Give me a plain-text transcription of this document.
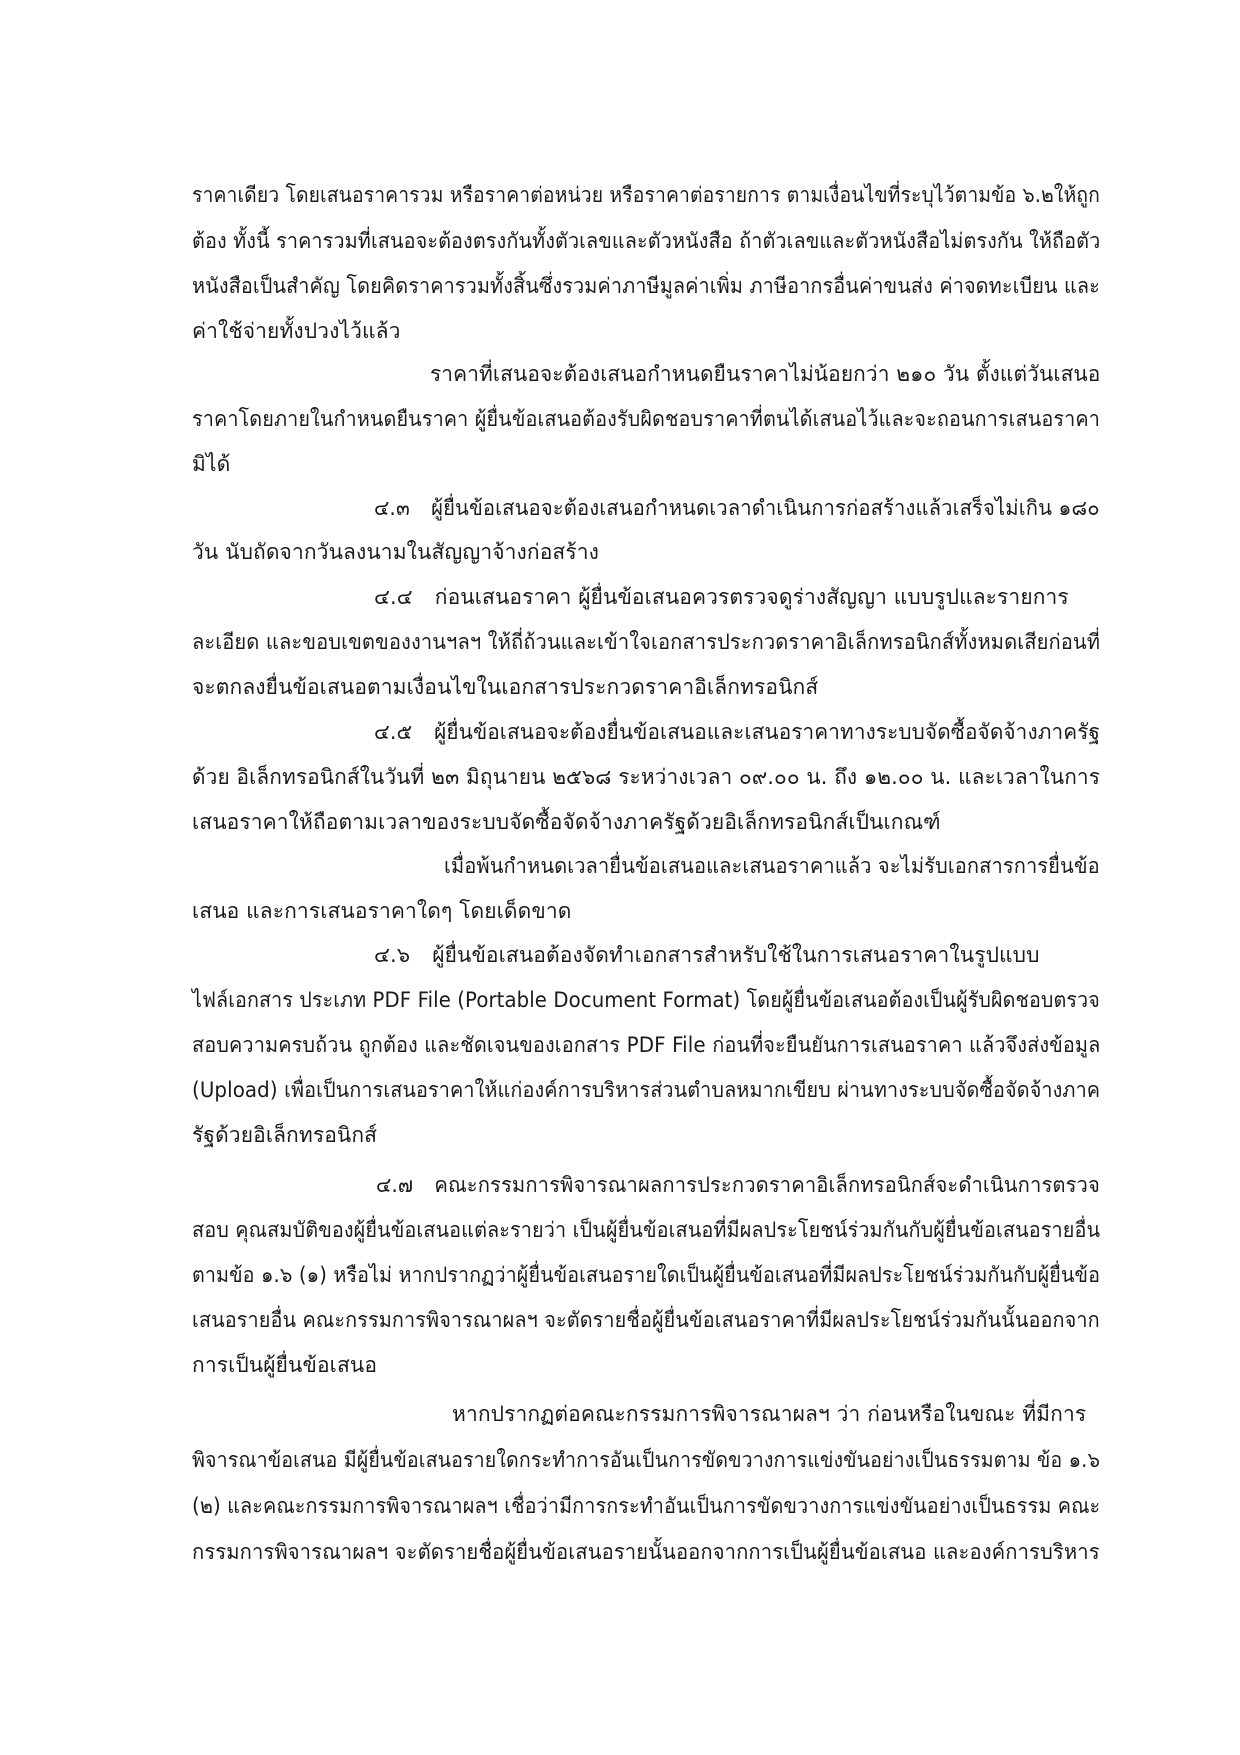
ราคาเดียว โดยเสนอราคารวม หรือราคาต่อหน่วย หรือราคาต่อรายการ ตามเงื่อนไขที่ระบุไว้ตามข้อ ๖.๒ให้ถูก
ต้อง ทั้งนี้ ราคารวมที่เสนอจะต้องตรงกันทั้งตัวเลขและตัวหนังสือ ถ้าตัวเลขและตัวหนังสือไม่ตรงกัน ให้ถือตัว
หนังสือเป็นสำคัญ โดยคิดราคารวมทั้งสิ้นซึ่งรวมค่าภาษีมูลค่าเพิ่ม ภาษีอากรอื่นค่าขนส่ง ค่าจดทะเบียน และ
ค่าใช้จ่ายทั้งปวงไว้แล้ว
ราคาที่เสนอจะต้องเสนอกำหนดยืนราคาไม่น้อยกว่า ๒๑๐ วัน ตั้งแต่วันเสนอ
ราคาโดยภายในกำหนดยืนราคา ผู้ยื่นข้อเสนอต้องรับผิดชอบราคาที่ตนได้เสนอไว้และจะถอนการเสนอราคา
มิได้
๔.๓ ผู้ยื่นข้อเสนอจะต้องเสนอกำหนดเวลาดำเนินการก่อสร้างแล้วเสร็จไม่เกิน ๑๘๐
วัน นับถัดจากวันลงนามในสัญญาจ้างก่อสร้าง
๔.๔ ก่อนเสนอราคา ผู้ยื่นข้อเสนอควรตรวจดูร่างสัญญา แบบรูปและรายการ
ละเอียด และขอบเขตของงานฯลฯ ให้ถี่ถ้วนและเข้าใจเอกสารประกวดราคาอิเล็กทรอนิกส์ทั้งหมดเสียก่อนที่
จะตกลงยื่นข้อเสนอตามเงื่อนไขในเอกสารประกวดราคาอิเล็กทรอนิกส์
๔.๕ ผู้ยื่นข้อเสนอจะต้องยื่นข้อเสนอและเสนอราคาทางระบบจัดซื้อจัดจ้างภาครัฐ
ด้วย อิเล็กทรอนิกส์ในวันที่ ๒๓ มิถุนายน ๒๕๖๘ ระหว่างเวลา ๐๙.๐๐ น. ถึง ๑๒.๐๐ น. และเวลาในการ
เสนอราคาให้ถือตามเวลาของระบบจัดซื้อจัดจ้างภาครัฐด้วยอิเล็กทรอนิกส์เป็นเกณฑ์
เมื่อพ้นกำหนดเวลายื่นข้อเสนอและเสนอราคาแล้ว จะไม่รับเอกสารการยื่นข้อ
เสนอ และการเสนอราคาใดๆ โดยเด็ดขาด
๔.๖ ผู้ยื่นข้อเสนอต้องจัดทำเอกสารสำหรับใช้ในการเสนอราคาในรูปแบบ
ไฟล์เอกสาร ประเภท PDF File (Portable Document Format) โดยผู้ยื่นข้อเสนอต้องเป็นผู้รับผิดชอบตรวจ
สอบความครบถ้วน ถูกต้อง และชัดเจนของเอกสาร PDF File ก่อนที่จะยืนยันการเสนอราคา แล้วจึงส่งข้อมูล
(Upload) เพื่อเป็นการเสนอราคาให้แก่องค์การบริหารส่วนตำบลหมากเขียบ ผ่านทางระบบจัดซื้อจัดจ้างภาค
รัฐด้วยอิเล็กทรอนิกส์
๔.๗ คณะกรรมการพิจารณาผลการประกวดราคาอิเล็กทรอนิกส์จะดำเนินการตรวจ
สอบ คุณสมบัติของผู้ยื่นข้อเสนอแต่ละรายว่า เป็นผู้ยื่นข้อเสนอที่มีผลประโยชน์ร่วมกันกับผู้ยื่นข้อเสนอรายอื่น
ตามข้อ ๑.๖ (๑) หรือไม่ หากปรากฏว่าผู้ยื่นข้อเสนอรายใดเป็นผู้ยื่นข้อเสนอที่มีผลประโยชน์ร่วมกันกับผู้ยื่นข้อ
เสนอรายอื่น คณะกรรมการพิจารณาผลฯ จะตัดรายชื่อผู้ยื่นข้อเสนอราคาที่มีผลประโยชน์ร่วมกันนั้นออกจาก
การเป็นผู้ยื่นข้อเสนอ
หากปรากฏต่อคณะกรรมการพิจารณาผลฯ ว่า ก่อนหรือในขณะ ที่มีการ
พิจารณาข้อเสนอ มีผู้ยื่นข้อเสนอรายใดกระทำการอันเป็นการขัดขวางการแข่งขันอย่างเป็นธรรมตาม ข้อ ๑.๖
(๒) และคณะกรรมการพิจารณาผลฯ เชื่อว่ามีการกระทำอันเป็นการขัดขวางการแข่งขันอย่างเป็นธรรม คณะ
กรรมการพิจารณาผลฯ จะตัดรายชื่อผู้ยื่นข้อเสนอรายนั้นออกจากการเป็นผู้ยื่นข้อเสนอ และองค์การบริหาร
